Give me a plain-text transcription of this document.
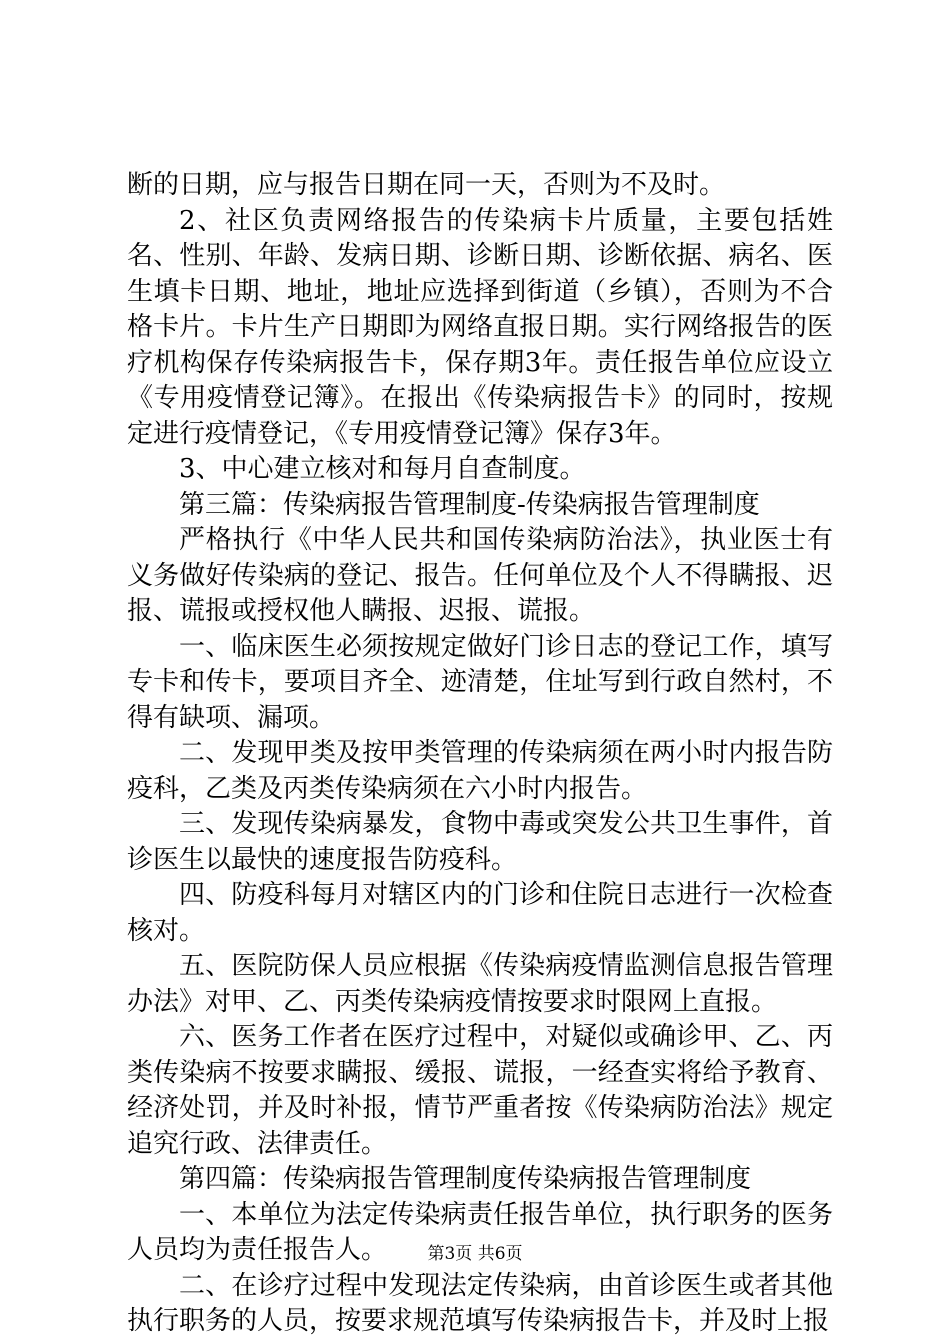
断的日期，应与报告日期在同一天，否则为不及时。

2、社区负责网络报告的传染病卡片质量，主要包括姓名、性别、年龄、发病日期、诊断日期、诊断依据、病名、医生填卡日期、地址，地址应选择到街道（乡镇），否则为不合格卡片。卡片生产日期即为网络直报日期。实行网络报告的医疗机构保存传染病报告卡，保存期3年。责任报告单位应设立《专用疫情登记簿》。在报出《传染病报告卡》的同时，按规定进行疫情登记，《专用疫情登记簿》保存3年。

3、中心建立核对和每月自查制度。

第三篇：传染病报告管理制度-传染病报告管理制度

严格执行《中华人民共和国传染病防治法》，执业医士有义务做好传染病的登记、报告。任何单位及个人不得瞒报、迟报、谎报或授权他人瞒报、迟报、谎报。

一、临床医生必须按规定做好门诊日志的登记工作，填写专卡和传卡，要项目齐全、迹清楚，住址写到行政自然村，不得有缺项、漏项。

二、发现甲类及按甲类管理的传染病须在两小时内报告防疫科，乙类及丙类传染病须在六小时内报告。

三、发现传染病暴发，食物中毒或突发公共卫生事件，首诊医生以最快的速度报告防疫科。

四、防疫科每月对辖区内的门诊和住院日志进行一次检查核对。

五、医院防保人员应根据《传染病疫情监测信息报告管理办法》对甲、乙、丙类传染病疫情按要求时限网上直报。

六、医务工作者在医疗过程中，对疑似或确诊甲、乙、丙类传染病不按要求瞒报、缓报、谎报，一经查实将给予教育、经济处罚，并及时补报，情节严重者按《传染病防治法》规定追究行政、法律责任。

第四篇：传染病报告管理制度传染病报告管理制度

一、本单位为法定传染病责任报告单位，执行职务的医务人员均为责任报告人。

二、在诊疗过程中发现法定传染病，由首诊医生或者其他执行职务的人员，按要求规范填写传染病报告卡，并及时上报

第3页 共6页
